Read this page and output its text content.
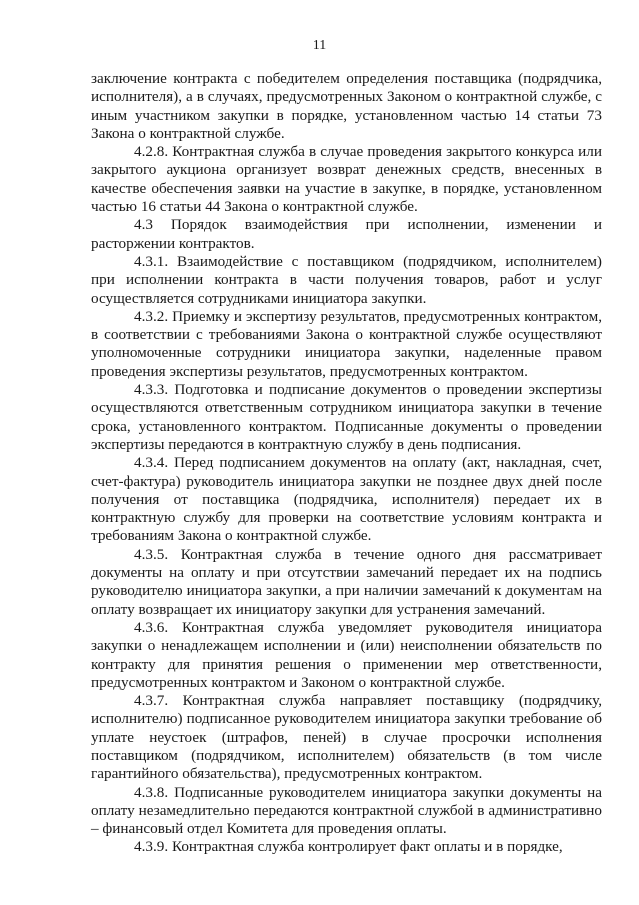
11

заключение контракта с победителем определения поставщика (подрядчика, исполнителя), а в случаях, предусмотренных Законом о контрактной службе, с иным участником закупки в порядке, установленном частью 14 статьи 73 Закона о контрактной службе.

4.2.8. Контрактная служба в случае проведения закрытого конкурса или закрытого аукциона организует возврат денежных средств, внесенных в качестве обеспечения заявки на участие в закупке, в порядке, установленном частью 16 статьи 44 Закона о контрактной службе.

4.3 Порядок взаимодействия при исполнении, изменении и расторжении контрактов.

4.3.1. Взаимодействие с поставщиком (подрядчиком, исполнителем) при исполнении контракта в части получения товаров, работ и услуг осуществляется сотрудниками инициатора закупки.

4.3.2. Приемку и экспертизу результатов, предусмотренных контрактом, в соответствии с требованиями Закона о контрактной службе осуществляют уполномоченные сотрудники инициатора закупки, наделенные правом проведения экспертизы результатов, предусмотренных контрактом.

4.3.3. Подготовка и подписание документов о проведении экспертизы осуществляются ответственным сотрудником инициатора закупки в течение срока, установленного контрактом. Подписанные документы о проведении экспертизы передаются в контрактную службу в день подписания.

4.3.4. Перед подписанием документов на оплату (акт, накладная, счет, счет-фактура) руководитель инициатора закупки не позднее двух дней после получения от поставщика (подрядчика, исполнителя) передает их в контрактную службу для проверки на соответствие условиям контракта и требованиям Закона о контрактной службе.

4.3.5. Контрактная служба в течение одного дня рассматривает документы на оплату и при отсутствии замечаний передает их на подпись руководителю инициатора закупки, а при наличии замечаний к документам на оплату возвращает их инициатору закупки для устранения замечаний.

4.3.6. Контрактная служба уведомляет руководителя инициатора закупки о ненадлежащем исполнении и (или) неисполнении обязательств по контракту для принятия решения о применении мер ответственности, предусмотренных контрактом и Законом о контрактной службе.

4.3.7. Контрактная служба направляет поставщику (подрядчику, исполнителю) подписанное руководителем инициатора закупки требование об уплате неустоек (штрафов, пеней) в случае просрочки исполнения поставщиком (подрядчиком, исполнителем) обязательств (в том числе гарантийного обязательства), предусмотренных контрактом.

4.3.8. Подписанные руководителем инициатора закупки документы на оплату незамедлительно передаются контрактной службой в административно – финансовый отдел Комитета для проведения оплаты.

4.3.9. Контрактная служба контролирует факт оплаты и в порядке,
